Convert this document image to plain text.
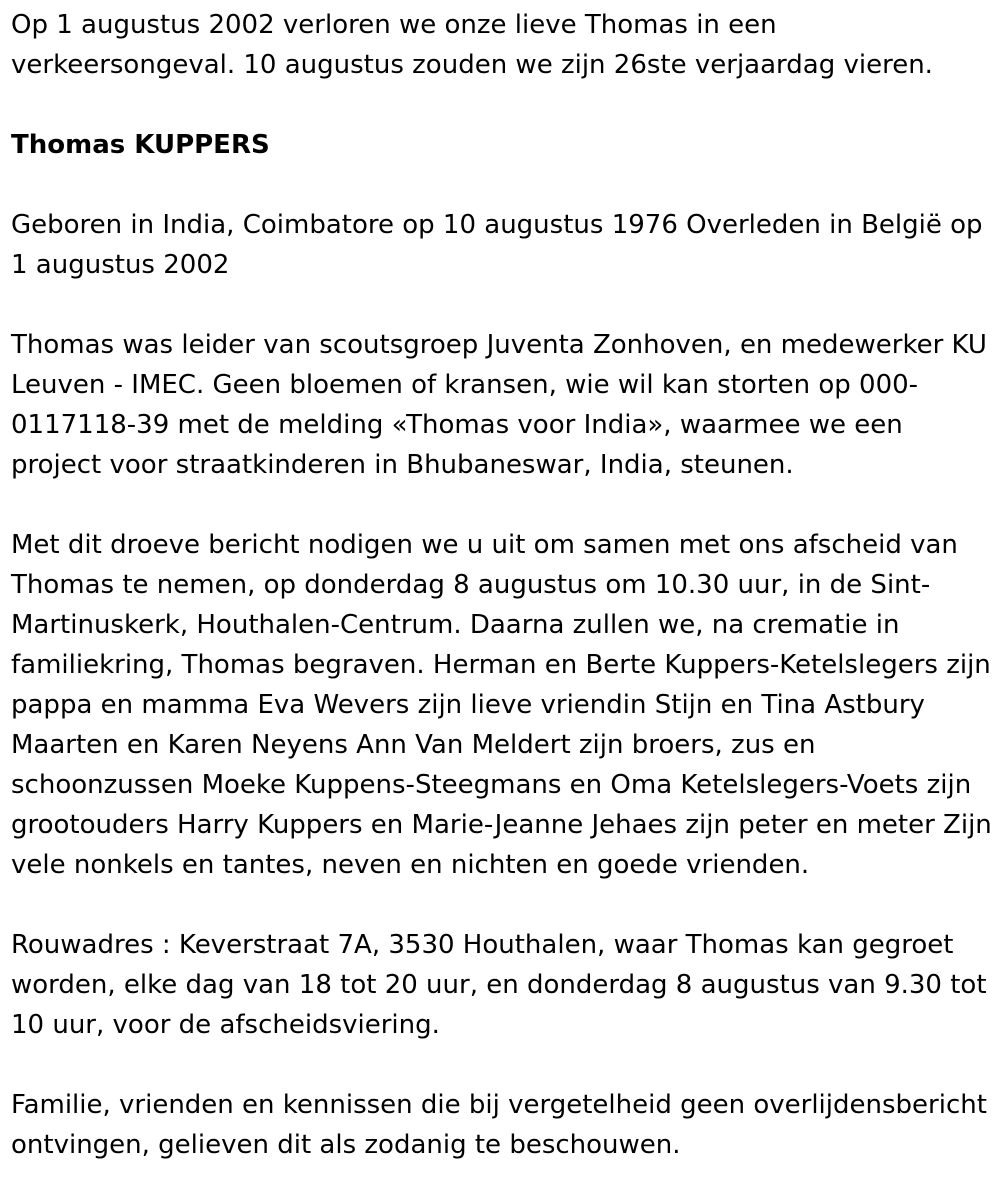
Op 1 augustus 2002 verloren we onze lieve Thomas in een verkeersongeval. 10 augustus zouden we zijn 26ste verjaardag vieren.

Thomas KUPPERS

Geboren in India, Coimbatore op 10 augustus 1976 Overleden in België op 1 augustus 2002

Thomas was leider van scoutsgroep Juventa Zonhoven, en medewerker KU Leuven - IMEC. Geen bloemen of kransen, wie wil kan storten op 000-0117118-39 met de melding «Thomas voor India», waarmee we een project voor straatkinderen in Bhubaneswar, India, steunen.

Met dit droeve bericht nodigen we u uit om samen met ons afscheid van Thomas te nemen, op donderdag 8 augustus om 10.30 uur, in de Sint-Martinuskerk, Houthalen-Centrum. Daarna zullen we, na crematie in familiekring, Thomas begraven. Herman en Berte Kuppers-Ketelslegers zijn pappa en mamma Eva Wevers zijn lieve vriendin Stijn en Tina Astbury Maarten en Karen Neyens Ann Van Meldert zijn broers, zus en schoonzussen Moeke Kuppens-Steegmans en Oma Ketelslegers-Voets zijn grootouders Harry Kuppers en Marie-Jeanne Jehaes zijn peter en meter Zijn vele nonkels en tantes, neven en nichten en goede vrienden.

Rouwadres : Keverstraat 7A, 3530 Houthalen, waar Thomas kan gegroet worden, elke dag van 18 tot 20 uur, en donderdag 8 augustus van 9.30 tot 10 uur, voor de afscheidsviering.

Familie, vrienden en kennissen die bij vergetelheid geen overlijdensbericht ontvingen, gelieven dit als zodanig te beschouwen.
